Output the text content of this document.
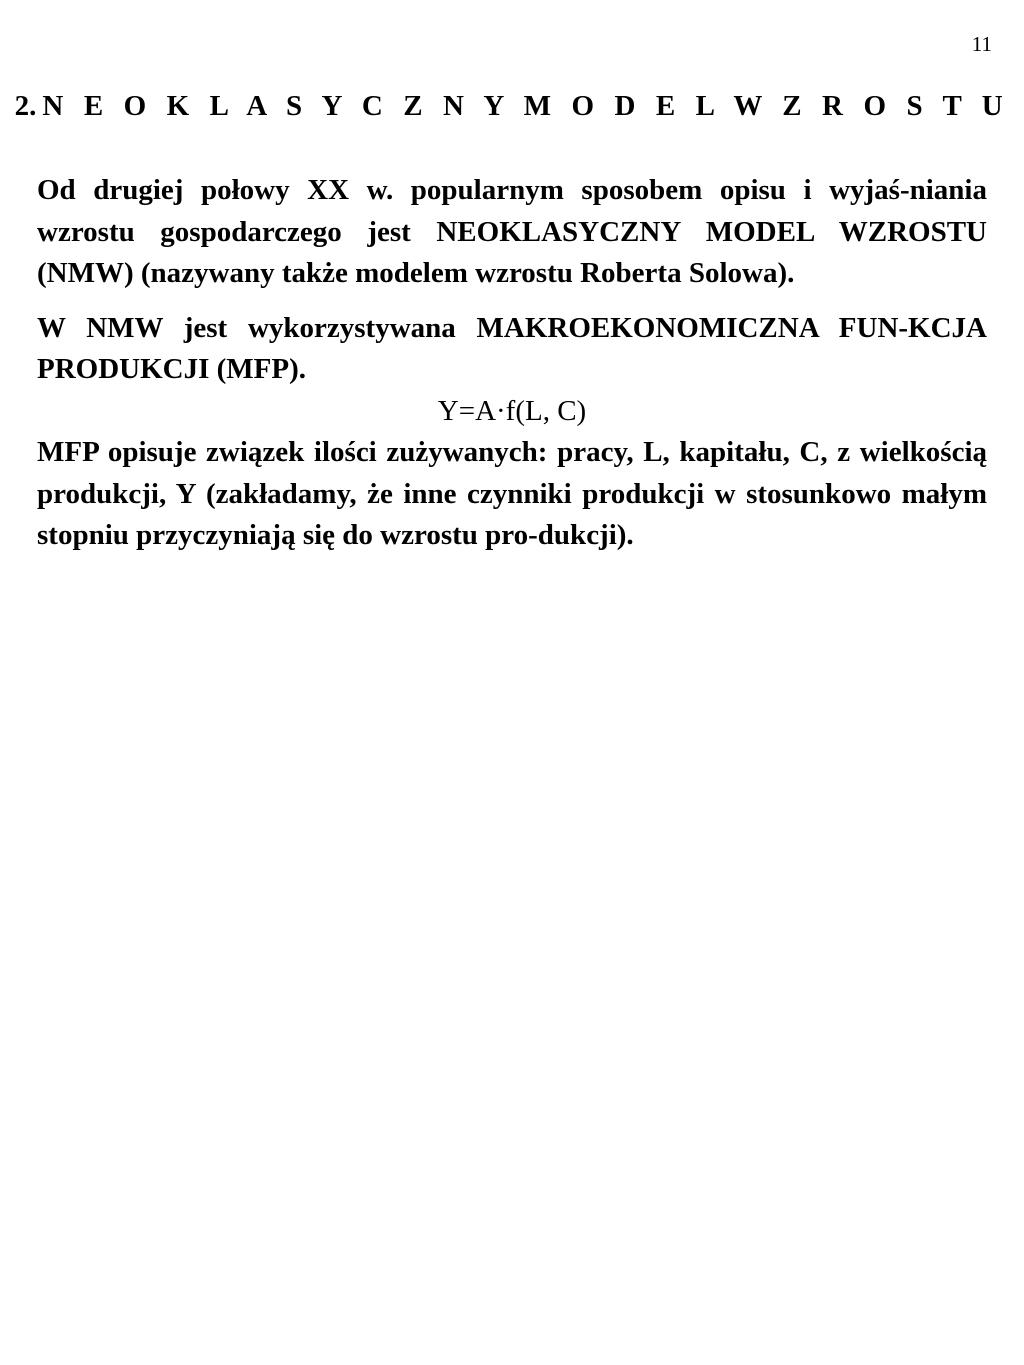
11
2. N E O K L A S Y C Z N Y M O D E L W Z R O S T U

Od drugiej połowy XX w. popularnym sposobem opisu i wyjaś-niania wzrostu gospodarczego jest NEOKLASYCZNY MODEL WZROSTU (NMW) (nazywany także modelem wzrostu Roberta Solowa).

W NMW jest wykorzystywana MAKROEKONOMICZNA FUN-KCJA PRODUKCJI (MFP).

Y=A·f(L, C)

MFP opisuje związek ilości zużywanych: pracy, L, kapitału, C, z wielkością produkcji, Y (zakładamy, że inne czynniki produkcji w stosunkowo małym stopniu przyczyniają się do wzrostu pro-dukcji).
